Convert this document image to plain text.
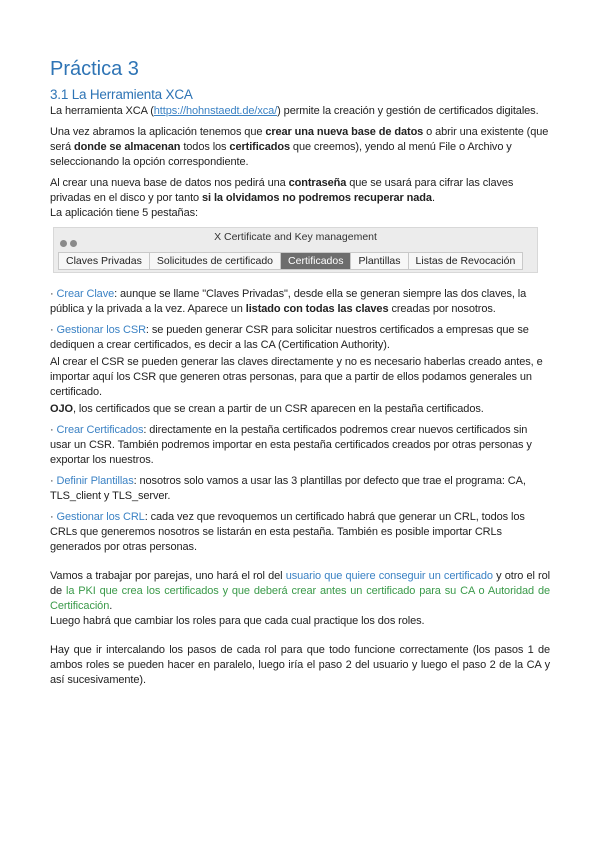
Práctica 3
3.1 La Herramienta XCA

La herramienta XCA (https://hohnstaedt.de/xca/) permite la creación y gestión de certificados digitales.

Una vez abramos la aplicación tenemos que crear una nueva base de datos o abrir una existente (que será donde se almacenan todos los certificados que creemos), yendo al menú File o Archivo y seleccionando la opción correspondiente.

Al crear una nueva base de datos nos pedirá una contraseña que se usará para cifrar las claves privadas en el disco y por tanto si la olvidamos no podremos recuperar nada.
La aplicación tiene 5 pestañas:

X Certificate and Key management
Claves Privadas	Solicitudes de certificado	Certificados	Plantillas	Listas de Revocación

· Crear Clave: aunque se llame "Claves Privadas", desde ella se generan siempre las dos claves, la pública y la privada a la vez. Aparece un listado con todas las claves creadas por nosotros.

· Gestionar los CSR: se pueden generar CSR para solicitar nuestros certificados a empresas que se dediquen a crear certificados, es decir a las CA (Certification Authority).

Al crear el CSR se pueden generar las claves directamente y no es necesario haberlas creado antes, e importar aquí los CSR que generen otras personas, para que a partir de ellos podamos generales un certificado.

OJO, los certificados que se crean a partir de un CSR aparecen en la pestaña certificados.

· Crear Certificados: directamente en la pestaña certificados podremos crear nuevos certificados sin usar un CSR. También podremos importar en esta pestaña certificados creados por otras personas y exportar los nuestros.

· Definir Plantillas: nosotros solo vamos a usar las 3 plantillas por defecto que trae el programa: CA, TLS_client y TLS_server.

· Gestionar los CRL: cada vez que revoquemos un certificado habrá que generar un CRL, todos los CRLs que generemos nosotros se listarán en esta pestaña. También es posible importar CRLs generados por otras personas.

Vamos a trabajar por parejas, uno hará el rol del usuario que quiere conseguir un certificado y otro el rol de la PKI que crea los certificados y que deberá crear antes un certificado para su CA o Autoridad de Certificación.
Luego habrá que cambiar los roles para que cada cual practique los dos roles.

Hay que ir intercalando los pasos de cada rol para que todo funcione correctamente (los pasos 1 de ambos roles se pueden hacer en paralelo, luego iría el paso 2 del usuario y luego el paso 2 de la CA y así sucesivamente).
